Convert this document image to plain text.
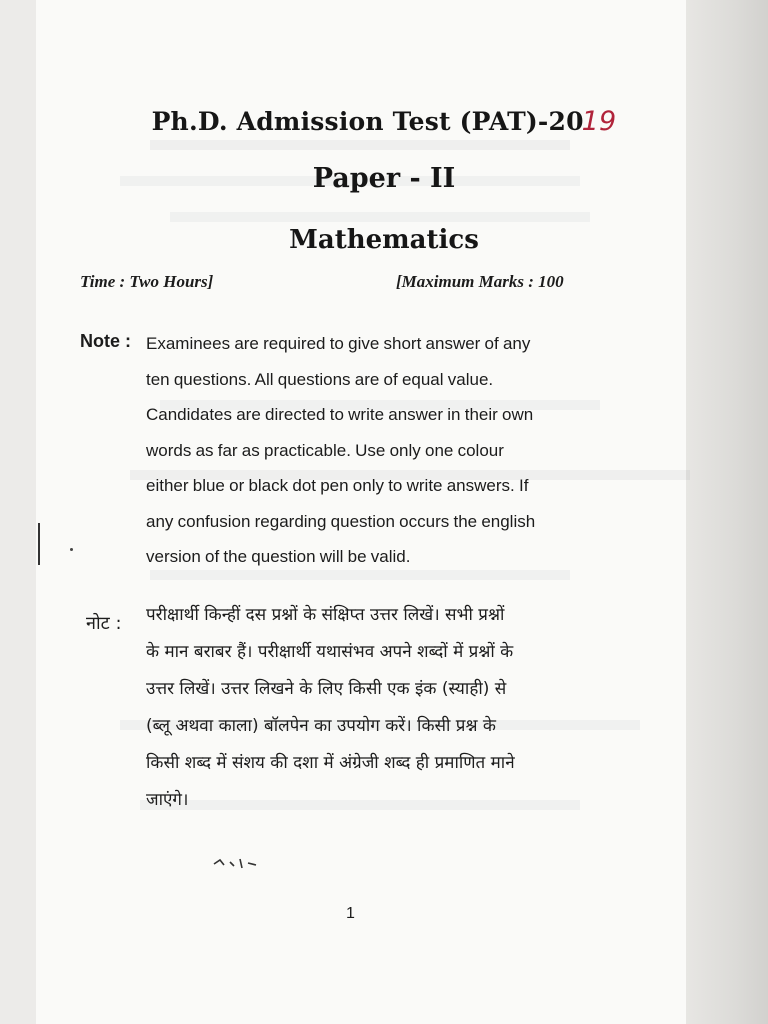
Ph.D. Admission Test (PAT)-2019
Paper - II
Mathematics
Time : Two Hours]	[Maximum Marks : 100
Note : Examinees are required to give short answer of any
ten questions. All questions are of equal value.
Candidates are directed to write answer in their own
words as far as practicable. Use only one colour
either blue or black dot pen only to write answers. If
any confusion regarding question occurs the english
version of the question will be valid.
नोट : परीक्षार्थी किन्हीं दस प्रश्नों के संक्षिप्त उत्तर लिखें। सभी प्रश्नों
के मान बराबर हैं। परीक्षार्थी यथासंभव अपने शब्दों में प्रश्नों के
उत्तर लिखें। उत्तर लिखने के लिए किसी एक इंक (स्याही) से
(ब्लू अथवा काला) बॉलपेन का उपयोग करें। किसी प्रश्न के
किसी शब्द में संशय की दशा में अंग्रेजी शब्द ही प्रमाणित माने
जाएंगे।
1
